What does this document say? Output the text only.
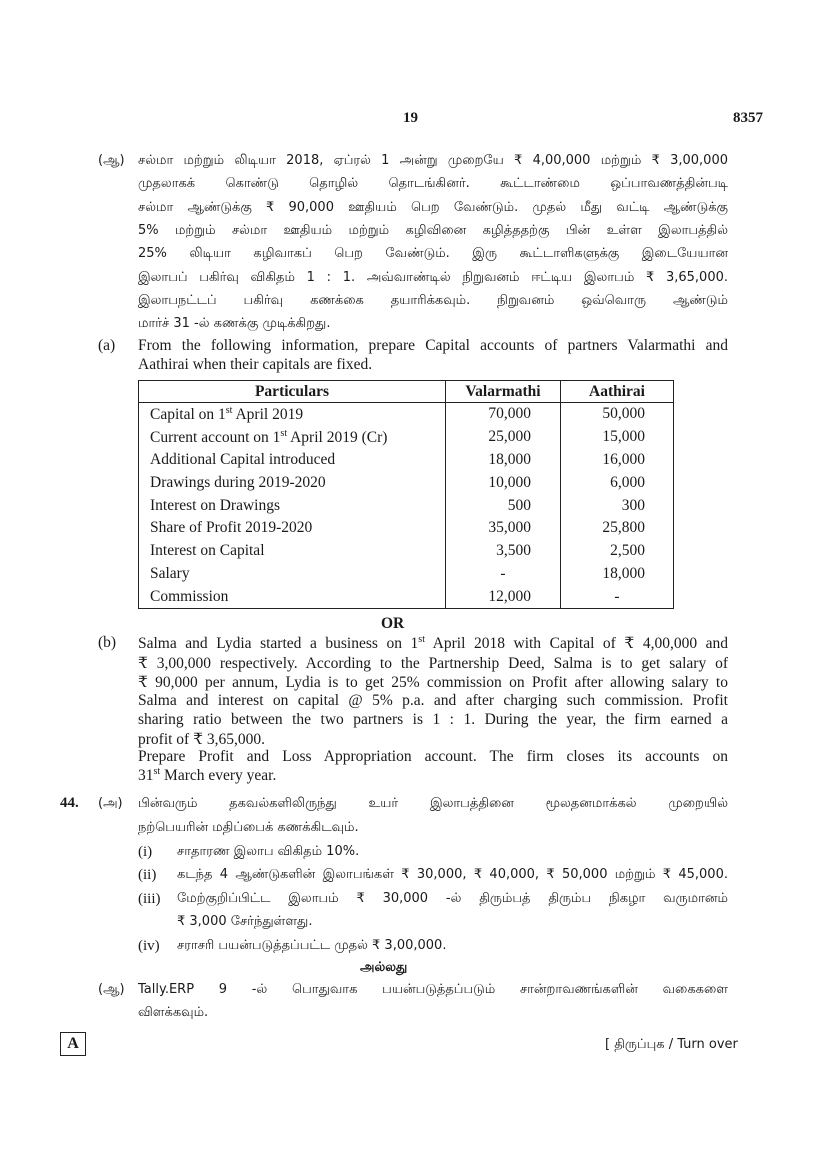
19	8357
(ஆ) சல்மா மற்றும் லிடியா 2018, ஏப்ரல் 1 அன்று முறையே ₹ 4,00,000 மற்றும் ₹ 3,00,000
முதலாகக் கொண்டு தொழில் தொடங்கினர். கூட்டாண்மை ஒப்பாவணத்தின்படி
சல்மா ஆண்டுக்கு ₹ 90,000 ஊதியம் பெற வேண்டும். முதல் மீது வட்டி ஆண்டுக்கு
5% மற்றும் சல்மா ஊதியம் மற்றும் கழிவினை கழித்ததற்கு பின் உள்ள இலாபத்தில்
25% லிடியா கழிவாகப் பெற வேண்டும். இரு கூட்டாளிகளுக்கு இடையேயான
இலாபப் பகிர்வு விகிதம் 1 : 1. அவ்வாண்டில் நிறுவனம் ஈட்டிய இலாபம் ₹ 3,65,000.
இலாபநட்டப் பகிர்வு கணக்கை தயாரிக்கவும். நிறுவனம் ஒவ்வொரு ஆண்டும்
மார்ச் 31 -ல் கணக்கு முடிக்கிறது.
(a) From the following information, prepare Capital accounts of partners Valarmathi and
Aathirai when their capitals are fixed.
Particulars	Valarmathi	Aathirai
Capital on 1st April 2019	70,000	50,000
Current account on 1st April 2019 (Cr)	25,000	15,000
Additional Capital introduced	18,000	16,000
Drawings during 2019-2020	10,000	6,000
Interest on Drawings	500	300
Share of Profit 2019-2020	35,000	25,800
Interest on Capital	3,500	2,500
Salary	-	18,000
Commission	12,000	-
OR
(b) Salma and Lydia started a business on 1st April 2018 with Capital of ₹ 4,00,000 and
₹ 3,00,000 respectively. According to the Partnership Deed, Salma is to get salary of
₹ 90,000 per annum, Lydia is to get 25% commission on Profit after allowing salary to
Salma and interest on capital @ 5% p.a. and after charging such commission. Profit
sharing ratio between the two partners is 1 : 1. During the year, the firm earned a
profit of ₹ 3,65,000.
Prepare Profit and Loss Appropriation account. The firm closes its accounts on
31st March every year.
44. (அ) பின்வரும் தகவல்களிலிருந்து உயர் இலாபத்தினை மூலதனமாக்கல் முறையில்
நற்பெயரின் மதிப்பைக் கணக்கிடவும்.
(i) சாதாரண இலாப விகிதம் 10%.
(ii) கடந்த 4 ஆண்டுகளின் இலாபங்கள் ₹ 30,000, ₹ 40,000, ₹ 50,000 மற்றும் ₹ 45,000.
(iii) மேற்குறிப்பிட்ட இலாபம் ₹ 30,000 -ல் திரும்பத் திரும்ப நிகழா வருமானம்
₹ 3,000 சேர்ந்துள்ளது.
(iv) சராசரி பயன்படுத்தப்பட்ட முதல் ₹ 3,00,000.
அல்லது
(ஆ) Tally.ERP 9 -ல் பொதுவாக பயன்படுத்தப்படும் சான்றாவணங்களின் வகைகளை
விளக்கவும்.
A	[ திருப்புக / Turn over
